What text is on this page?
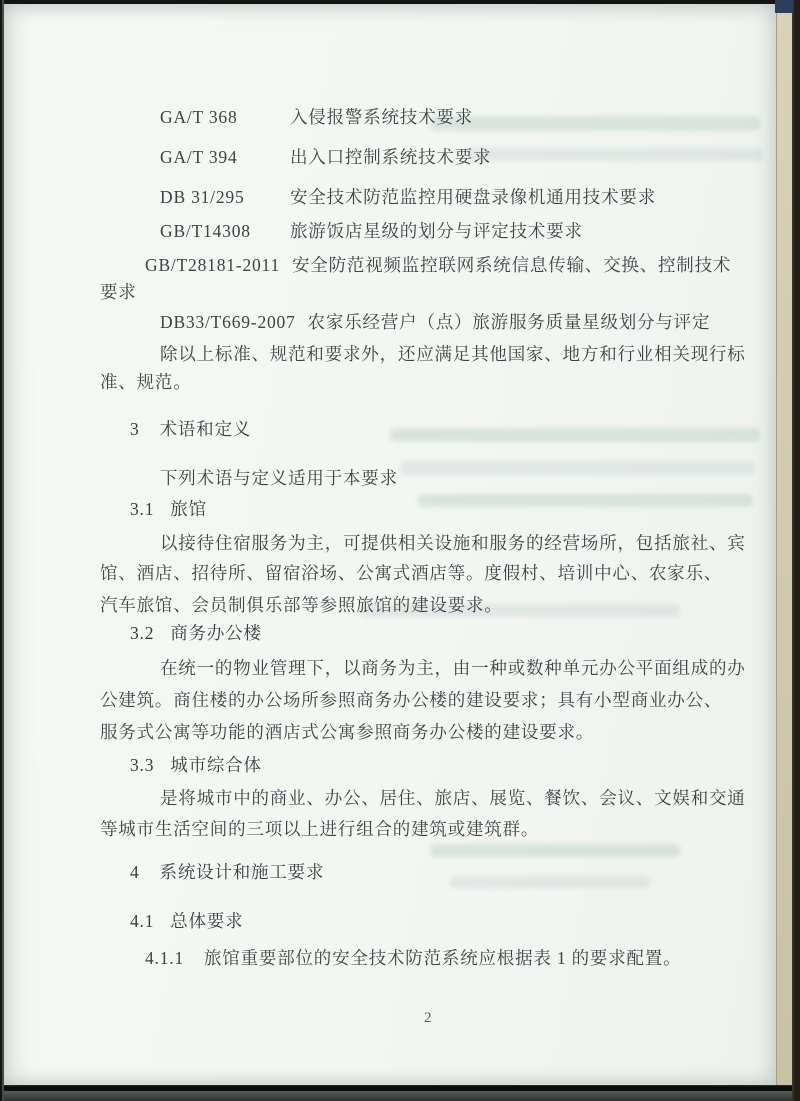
GA/T 368	入侵报警系统技术要求
GA/T 394	出入口控制系统技术要求
DB 31/295	安全技术防范监控用硬盘录像机通用技术要求
GB/T14308 旅游饭店星级的划分与评定技术要求
GB/T28181-2011 安全防范视频监控联网系统信息传输、交换、控制技术
要求
DB33/T669-2007 农家乐经营户（点）旅游服务质量星级划分与评定
除以上标准、规范和要求外，还应满足其他国家、地方和行业相关现行标
准、规范。
3 术语和定义
下列术语与定义适用于本要求
3.1 旅馆
以接待住宿服务为主，可提供相关设施和服务的经营场所，包括旅社、宾
馆、酒店、招待所、留宿浴场、公寓式酒店等。度假村、培训中心、农家乐、
汽车旅馆、会员制俱乐部等参照旅馆的建设要求。
3.2 商务办公楼
在统一的物业管理下，以商务为主，由一种或数种单元办公平面组成的办
公建筑。商住楼的办公场所参照商务办公楼的建设要求；具有小型商业办公、
服务式公寓等功能的酒店式公寓参照商务办公楼的建设要求。
3.3 城市综合体
是将城市中的商业、办公、居住、旅店、展览、餐饮、会议、文娱和交通
等城市生活空间的三项以上进行组合的建筑或建筑群。
4 系统设计和施工要求
4.1 总体要求
4.1.1 旅馆重要部位的安全技术防范系统应根据表 1 的要求配置。
2
